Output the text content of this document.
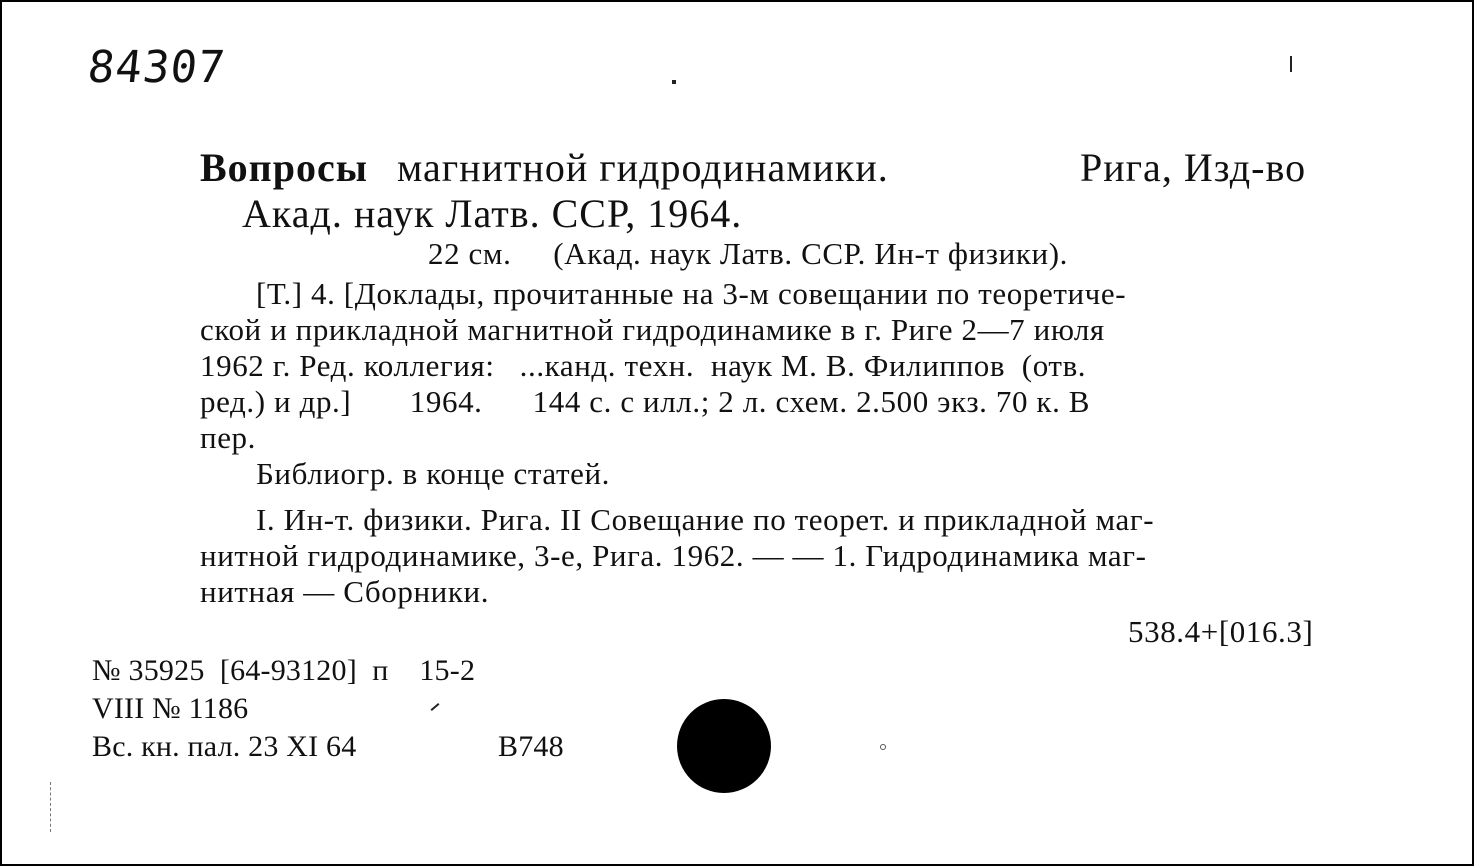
84307
Вопросы магнитной гидродинамики.	Рига, Изд-во
Акад. наук Латв. ССР, 1964.
22 см.     (Акад. наук Латв. ССР. Ин-т физики).
[Т.] 4. [Доклады, прочитанные на 3-м совещании по теоретиче-
ской и прикладной магнитной гидродинамике в г. Риге 2—7 июля
1962 г. Ред. коллегия:   ...канд. техн.  наук М. В. Филиппов  (отв.
ред.) и др.]       1964.      144 с. с илл.; 2 л. схем. 2.500 экз. 70 к. В
пер.
Библиогр. в конце статей.
I. Ин-т. физики. Рига. II Совещание по теорет. и прикладной маг-
нитной гидродинамике, 3-е, Рига. 1962. — — 1. Гидродинамика маг-
нитная — Сборники.
538.4+[016.3]
№ 35925  [64-93120]  п    15-2
VIII № 1186
Вс. кн. пал. 23 XI 64	B748
